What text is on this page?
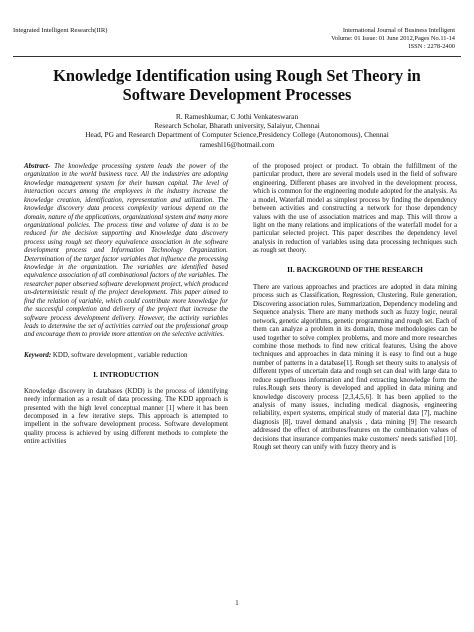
Integrated Intelligent Research(IIR)	International Journal of Business Intelligent
Volume: 01 Issue: 01 June 2012,Pages No.11-14
ISSN : 2278-2400
Knowledge Identification using Rough Set Theory in
Software Development Processes
R. Rameshkumar, C Jothi Venkateswaran
Research Scholar, Bharath university, Salaiyur, Chennai
Head, PG and Research Department of Computer Science,Presidency College (Autonomous), Chennai
rameshl16@hotmail.com

Abstract- The knowledge processing system leads the power of the organization in the world business race. All the industries are adopting knowledge management system for their human capital. The level of interaction occurs among the employees in the industry increase the knowledge creation, identification, representation and utilization. The knowledge discovery data process complexity various depend on the domain, nature of the applications, organizational system and many more organizational policies. The process time and volume of data is to be reduced for the decision supporting and Knowledge data discovery process using rough set theory equivalence association in the software development process and Information Technology Organization. Determination of the target factor variables that influence the processing knowledge in the organization. The variables are identified based equivalence association of all combinational factors of the variables. The researcher paper observed software development project, which produced un-deterministic result of the project development. This paper aimed to find the relation of variable, which could contribute more knowledge for the successful completion and delivery of the project that increase the software process development delivery. However, the activity variables leads to determine the set of activities carried out the professional group and encourage them to provide more attention on the selective activities.

Keyword: KDD, software development , variable reduction

I. INTRODUCTION

Knowledge discovery in databases (KDD) is the process of identifying needy information as a result of data processing. The KDD approach is presented with the high level conceptual manner [1] where it has been decomposed in a few iterative steps. This approach is attempted to impellent in the software development process. Software development quality process is achieved by using different methods to complete the entire activities

of the proposed project or product. To obtain the fulfillment of the particular product, there are several models used in the field of software engineering. Different phases are involved in the development process, which is common for the engineering module adopted for the analysis. As a model, Waterfall model as simplest process by finding the dependency between activities and constructing a network for those dependency values with the use of association matrices and map. This will throw a light on the many relations and implications of the waterfall model for a particular selected project. This paper describes the dependency level analysis in reduction of variables using data processing techniques such as rough set theory.

II. BACKGROUND OF THE RESEARCH

There are various approaches and practices are adopted in data mining process such as Classification, Regression, Clustering, Rule generation, Discovering association rules, Summarization, Dependency modeling and Sequence analysis. There are many methods such as fuzzy logic, neural network, genetic algorithms, genetic programming and rough set. Each of them can analyze a problem in its domain, those methodologies can be used together to solve complex problems, and more and more researches combine those methods to find new critical features. Using the above techniques and approaches in data mining it is easy to find out a huge number of patterns in a database[1]. Rough set theory suits to analysis of different types of uncertain data and rough set can deal with large data to reduce superfluous information and find extracting knowledge form the rules.Rough sets theory is developed and applied in data mining and knowledge discovery process [2,3,4,5,6]. It has been applied to the analysis of many issues, including medical diagnosis, engineering reliability, expert systems, empirical study of material data [7], machine diagnosis [8], travel demand analysis , data mining [9] The research addressed the effect of attributes/features on the combination values of decisions that insurance companies make customers' needs satisfied [10]. Rough set theory can unify with fuzzy theory and is

1
